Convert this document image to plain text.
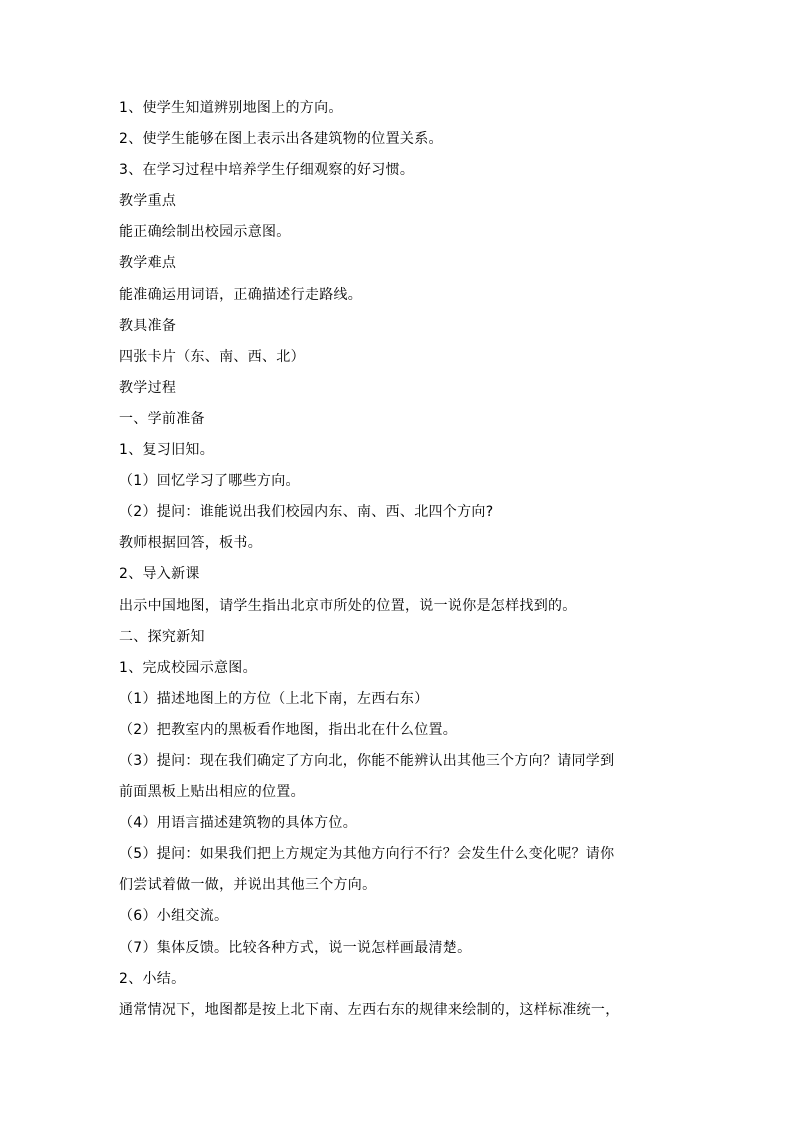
1、使学生知道辨别地图上的方向。
2、使学生能够在图上表示出各建筑物的位置关系。
3、在学习过程中培养学生仔细观察的好习惯。
教学重点
能正确绘制出校园示意图。
教学难点
能准确运用词语，正确描述行走路线。
教具准备
四张卡片（东、南、西、北）
教学过程
一、学前准备
1、复习旧知。
（1）回忆学习了哪些方向。
（2）提问：谁能说出我们校园内东、南、西、北四个方向?
教师根据回答，板书。
2、导入新课
出示中国地图，请学生指出北京市所处的位置，说一说你是怎样找到的。
二、探究新知
1、完成校园示意图。
（1）描述地图上的方位（上北下南，左西右东）
（2）把教室内的黑板看作地图，指出北在什么位置。
（3）提问：现在我们确定了方向北，你能不能辨认出其他三个方向？请同学到
前面黑板上贴出相应的位置。
（4）用语言描述建筑物的具体方位。
（5）提问：如果我们把上方规定为其他方向行不行？会发生什么变化呢？请你
们尝试着做一做，并说出其他三个方向。
（6）小组交流。
（7）集体反馈。比较各种方式，说一说怎样画最清楚。
2、小结。
通常情况下，地图都是按上北下南、左西右东的规律来绘制的，这样标准统一，
